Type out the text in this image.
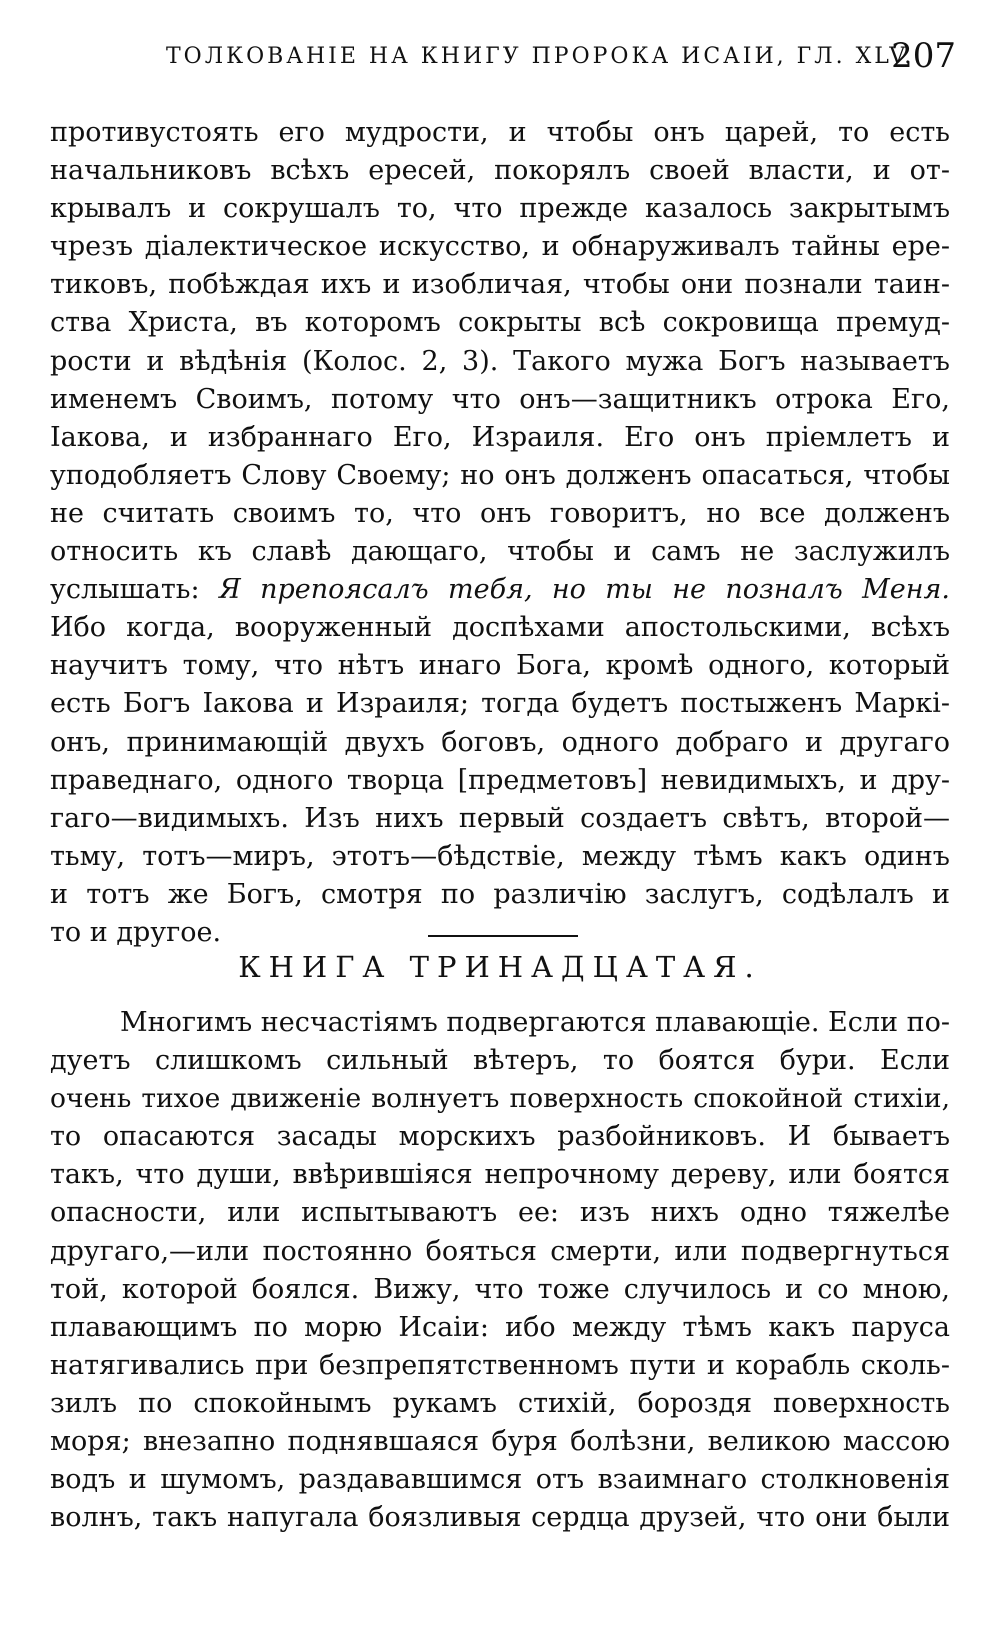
ТОЛКОВАНІЕ НА КНИГУ ПРОРОКА ИСАІИ, ГЛ. XLV.
207
противустоять его мудрости, и чтобы онъ царей, то есть
начальниковъ всѣхъ ересей, покорялъ своей власти, и от-
крывалъ и сокрушалъ то, что прежде казалось закрытымъ
чрезъ діалектическое искусство, и обнаруживалъ тайны ере-
тиковъ, побѣждая ихъ и изобличая, чтобы они познали таин-
ства Христа, въ которомъ сокрыты всѣ сокровища премуд-
рости и вѣдѣнія (Колос. 2, 3). Такого мужа Богъ называетъ
именемъ Своимъ, потому что онъ—защитникъ отрока Его,
Іакова, и избраннаго Его, Израиля. Его онъ пріемлетъ и
уподобляетъ Слову Своему; но онъ долженъ опасаться, чтобы
не считать своимъ то, что онъ говоритъ, но все долженъ
относить къ славѣ дающаго, чтобы и самъ не заслужилъ
услышать: Я препоясалъ тебя, но ты не позналъ Меня.
Ибо когда, вооруженный доспѣхами апостольскими, всѣхъ
научитъ тому, что нѣтъ инаго Бога, кромѣ одного, который
есть Богъ Іакова и Израиля; тогда будетъ постыженъ Маркі-
онъ, принимающій двухъ боговъ, одного добраго и другаго
праведнаго, одного творца [предметовъ] невидимыхъ, и дру-
гаго—видимыхъ. Изъ нихъ первый создаетъ свѣтъ, второй—
тьму, тотъ—миръ, этотъ—бѣдствіе, между тѣмъ какъ одинъ
и тотъ же Богъ, смотря по различію заслугъ, содѣлалъ и
то и другое.
КНИГА ТРИНАДЦАТАЯ.
Многимъ несчастіямъ подвергаются плавающіе. Если по-
дуетъ слишкомъ сильный вѣтеръ, то боятся бури. Если
очень тихое движеніе волнуетъ поверхность спокойной стихіи,
то опасаются засады морскихъ разбойниковъ. И бываетъ
такъ, что души, ввѣрившіяся непрочному дереву, или боятся
опасности, или испытываютъ ее: изъ нихъ одно тяжелѣе
другаго,—или постоянно бояться смерти, или подвергнуться
той, которой боялся. Вижу, что тоже случилось и со мною,
плавающимъ по морю Исаіи: ибо между тѣмъ какъ паруса
натягивались при безпрепятственномъ пути и корабль сколь-
зилъ по спокойнымъ рукамъ стихій, бороздя поверхность
моря; внезапно поднявшаяся буря болѣзни, великою массою
водъ и шумомъ, раздававшимся отъ взаимнаго столкновенія
волнъ, такъ напугала боязливыя сердца друзей, что они были
